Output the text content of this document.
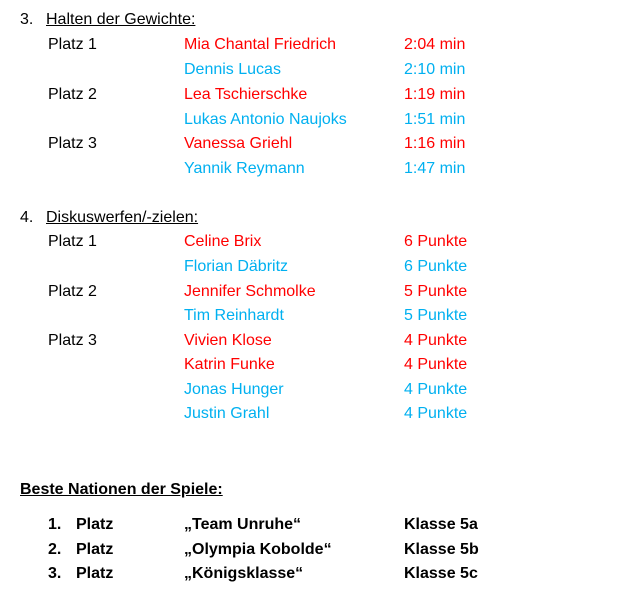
3. Halten der Gewichte:
Platz 1	Mia Chantal Friedrich	2:04 min
Dennis Lucas	2:10 min
Platz 2	Lea Tschierschke	1:19 min
Lukas Antonio Naujoks	1:51 min
Platz 3	Vanessa Griehl	1:16 min
Yannik Reymann	1:47 min
4. Diskuswerfen/-zielen:
Platz 1	Celine Brix	6 Punkte
Florian Däbritz	6 Punkte
Platz 2	Jennifer Schmolke	5 Punkte
Tim Reinhardt	5 Punkte
Platz 3	Vivien Klose	4 Punkte
Katrin Funke	4 Punkte
Jonas Hunger	4 Punkte
Justin Grahl	4 Punkte
Beste Nationen der Spiele:
1. Platz	„Team Unruhe“	Klasse 5a
2. Platz	„Olympia Kobolde“	Klasse 5b
3. Platz	„Königsklasse“	Klasse 5c
